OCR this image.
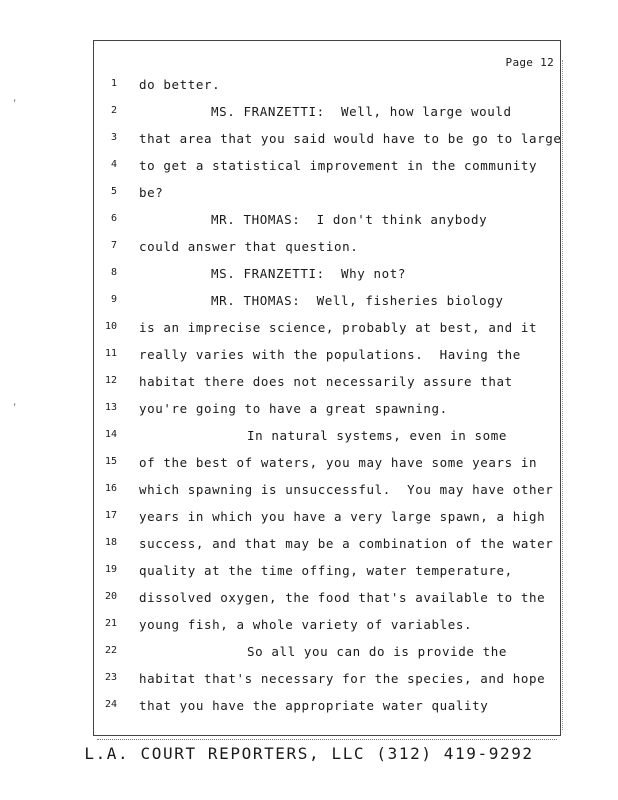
Page 12
1 do better.
2	MS. FRANZETTI:  Well, how large would
3 that area that you said would have to be go to large
4 to get a statistical improvement in the community
5 be?
6	MR. THOMAS:  I don't think anybody
7 could answer that question.
8	MS. FRANZETTI:  Why not?
9	MR. THOMAS:  Well, fisheries biology
10 is an imprecise science, probably at best, and it
11 really varies with the populations.  Having the
12 habitat there does not necessarily assure that
13 you're going to have a great spawning.
14	In natural systems, even in some
15 of the best of waters, you may have some years in
16 which spawning is unsuccessful.  You may have other
17 years in which you have a very large spawn, a high
18 success, and that may be a combination of the water
19 quality at the time offing, water temperature,
20 dissolved oxygen, the food that's available to the
21 young fish, a whole variety of variables.
22	So all you can do is provide the
23 habitat that's necessary for the species, and hope
24 that you have the appropriate water quality
,
,
L.A. COURT REPORTERS, LLC (312) 419-9292
